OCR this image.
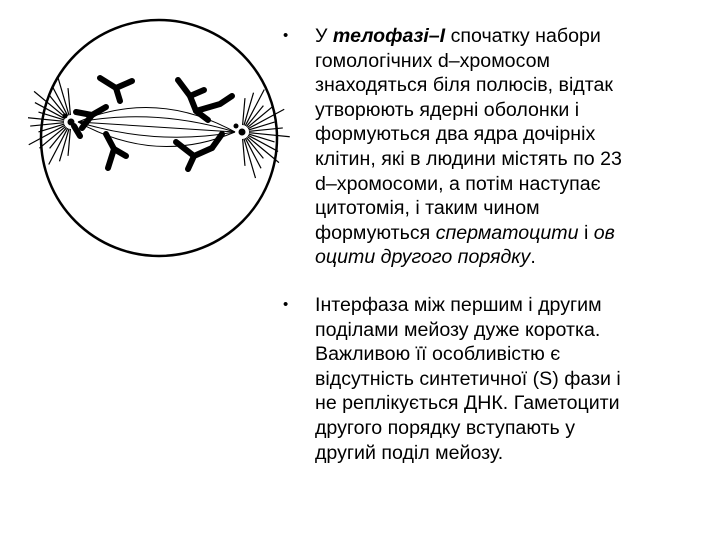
• У телофазі–І спочатку набори
гомологічних d–хромосом
знаходяться біля полюсів, відтак
утворюють ядерні оболонки і
формуються два ядра дочірніх
клітин, які в людини містять по 23
d–хромосоми, а потім наступає
цитотомія, і таким чином
формуються сперматоцити і ов
оцити другого порядку.
• Інтерфаза між першим і другим
поділами мейозу дуже коротка.
Важливою її особливістю є
відсутність синтетичної (S) фази і
не реплікується ДНК. Гаметоцити
другого порядку вступають у
другий поділ мейозу.
